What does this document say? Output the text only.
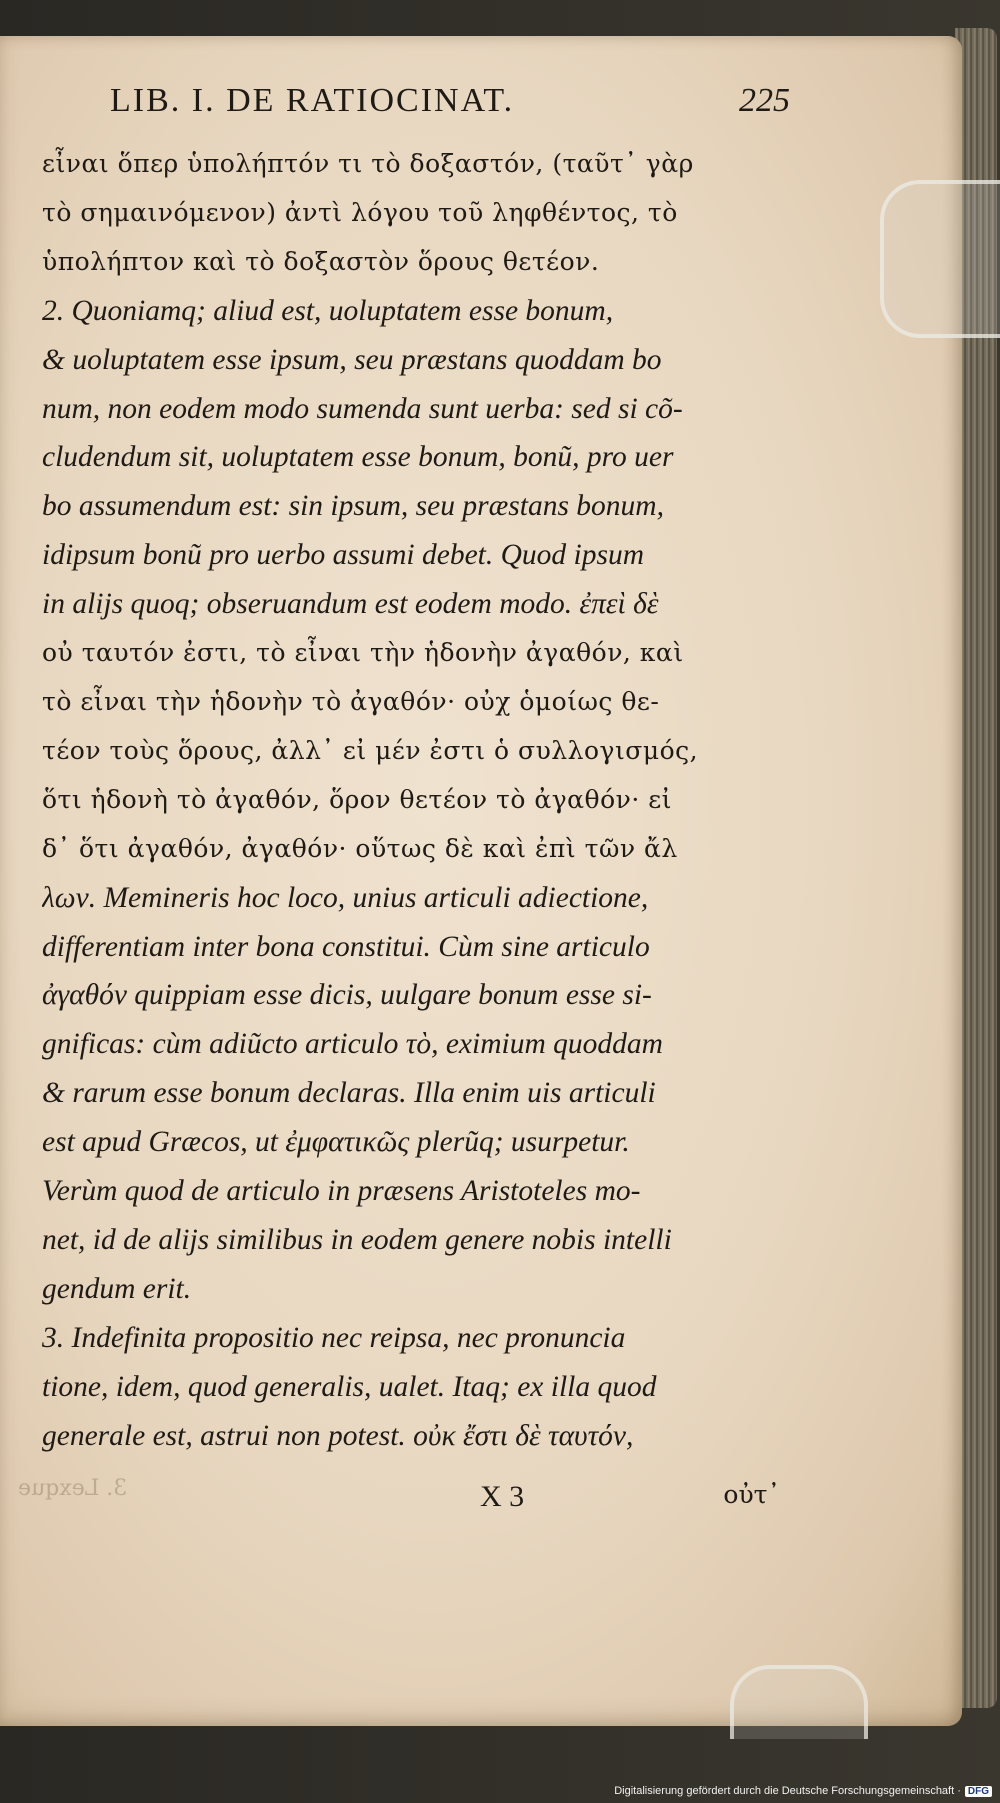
3. Lexque
LIB. I. DE RATIOCINAT.	225
εἶναι ὅπερ ὑπολήπτόν τι τὸ δοξαστόν, (ταῦτ᾽ γὰρ
τὸ σημαινόμενον) ἀντὶ λόγου τοῦ ληφθέντος, τὸ
ὑπολήπτον καὶ τὸ δοξαστὸν ὅρους θετέον.
2. Quoniamq; aliud est, uoluptatem esse bonum,
& uoluptatem esse ipsum, seu præstans quoddam bo
num, non eodem modo sumenda sunt uerba: sed si cõ-
cludendum sit, uoluptatem esse bonum, bonũ, pro uer
bo assumendum est: sin ipsum, seu præstans bonum,
idipsum bonũ pro uerbo assumi debet. Quod ipsum
in alijs quoq; obseruandum est eodem modo. ἐπεὶ δὲ
οὐ ταυτόν ἐστι, τὸ εἶναι τὴν ἡδονὴν ἀγαθόν, καὶ
τὸ εἶναι τὴν ἡδονὴν τὸ ἀγαθόν· οὐχ ὁμοίως θε-
τέον τοὺς ὅρους, ἀλλ᾽ εἰ μέν ἐστι ὁ συλλογισμός,
ὅτι ἡδονὴ τὸ ἀγαθόν, ὅρον θετέον τὸ ἀγαθόν· εἰ
δ᾽ ὅτι ἀγαθόν, ἀγαθόν· οὕτως δὲ καὶ ἐπὶ τῶν ἄλ
λων. Memineris hoc loco, unius articuli adiectione,
differentiam inter bona constitui. Cùm sine articulo
ἀγαθόν quippiam esse dicis, uulgare bonum esse si-
gnificas: cùm adiũcto articulo τὸ, eximium quoddam
& rarum esse bonum declaras. Illa enim uis articuli
est apud Græcos, ut ἐμφατικῶς plerũq; usurpetur.
Verùm quod de articulo in præsens Aristoteles mo-
net, id de alijs similibus in eodem genere nobis intelli
gendum erit.
3. Indefinita propositio nec reipsa, nec pronuncia
tione, idem, quod generalis, ualet. Itaq; ex illa quod
generale est, astrui non potest. οὐκ ἔστι δὲ ταυτόν,
X 3	οὐτ᾽
Digitalisierung gefördert durch die Deutsche Forschungsgemeinschaft · DFG
